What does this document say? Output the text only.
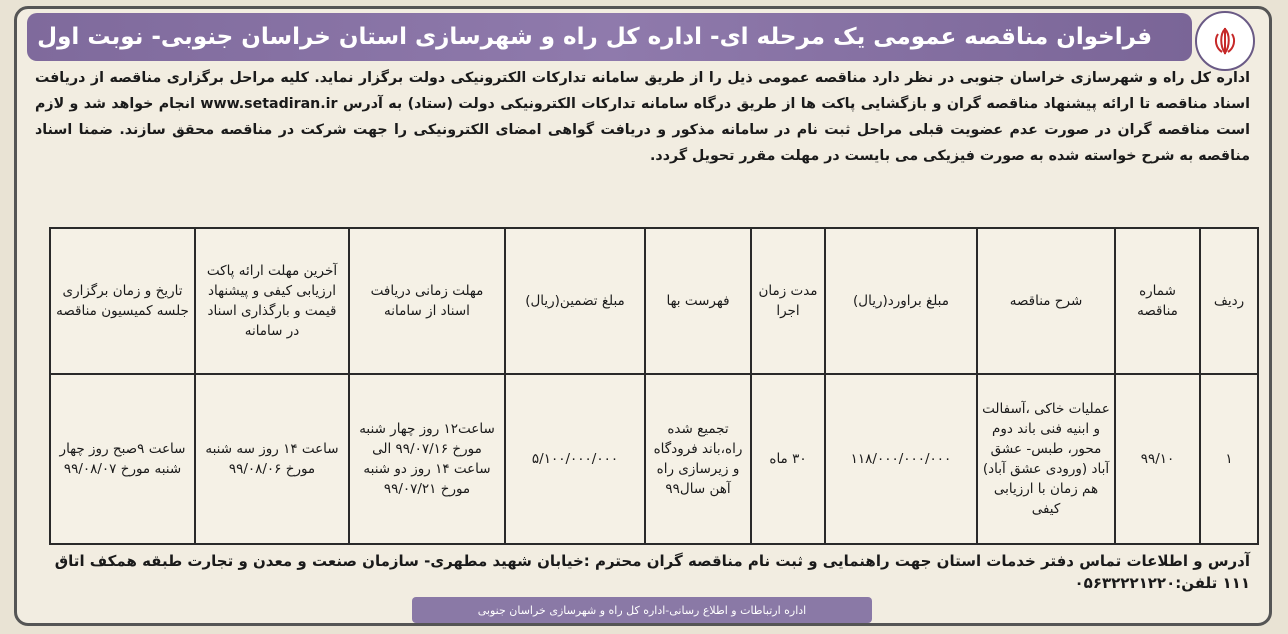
فراخوان مناقصه عمومی یک مرحله ای- اداره کل راه و شهرسازی استان خراسان جنوبی- نوبت اول
اداره کل راه و شهرسازی خراسان جنوبی در نظر دارد مناقصه عمومی ذیل را از طریق سامانه تدارکات الکترونیکی دولت برگزار نماید. کلیه مراحل برگزاری مناقصه از دریافت اسناد مناقصه تا ارائه پیشنهاد مناقصه گران و بازگشایی پاکت ها از طریق درگاه سامانه تدارکات الکترونیکی دولت (ستاد) به آدرس www.setadiran.ir انجام خواهد شد و لازم است مناقصه گران در صورت عدم عضویت قبلی مراحل ثبت نام در سامانه مذکور و دریافت گواهی امضای الکترونیکی را جهت شرکت در مناقصه محقق سازند. ضمنا اسناد مناقصه به شرح خواسته شده به صورت فیزیکی می بایست در مهلت مقرر تحویل گردد.
ردیف	شماره مناقصه	شرح مناقصه	مبلغ براورد(ریال)	مدت زمان اجرا	فهرست بها	مبلغ تضمین(ریال)	مهلت زمانی دریافت اسناد از سامانه	آخرین مهلت ارائه پاکت ارزیابی کیفی و پیشنهاد قیمت و بارگذاری اسناد در سامانه	تاریخ و زمان برگزاری جلسه کمیسیون مناقصه
۱	۹۹/۱۰	عملیات خاکی ،آسفالت و ابنیه فنی باند دوم محور، طبس- عشق آباد (ورودی عشق آباد) هم زمان با ارزیابی کیفی	۱۱۸/۰۰۰/۰۰۰/۰۰۰	۳۰ ماه	تجمیع شده راه،باند فرودگاه و زیرسازی راه آهن سال۹۹	۵/۱۰۰/۰۰۰/۰۰۰	ساعت۱۲ روز چهار شنبه مورخ ۹۹/۰۷/۱۶ الی ساعت ۱۴ روز دو شنبه مورخ ۹۹/۰۷/۲۱	ساعت ۱۴ روز سه شنبه مورخ ۹۹/۰۸/۰۶	ساعت ۹صبح روز چهار شنبه مورخ ۹۹/۰۸/۰۷
آدرس و اطلاعات تماس دفتر خدمات استان جهت راهنمایی و ثبت نام مناقصه گران محترم :خیابان شهید مطهری- سازمان صنعت و معدن و تجارت طبقه همکف اتاق ۱۱۱ تلفن:۰۵۶۳۲۲۲۱۲۲۰
اداره ارتباطات و اطلاع رسانی-اداره کل راه و شهرسازی خراسان جنوبی
